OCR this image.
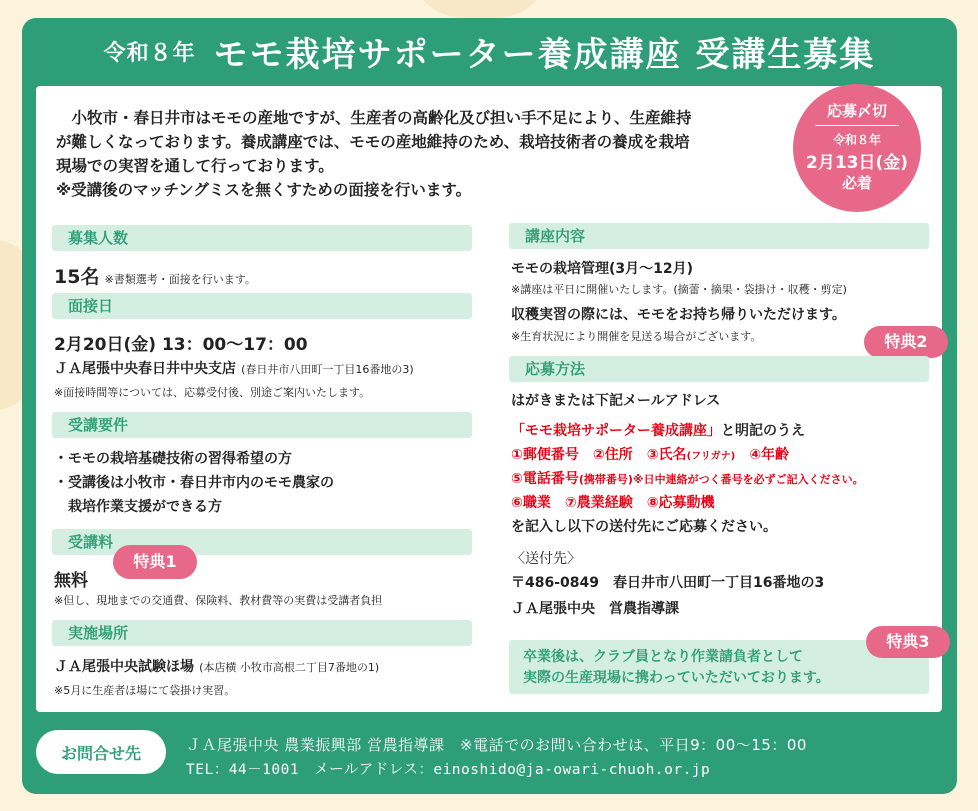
令和８年 モモ栽培サポーター養成講座 受講生募集

　小牧市・春日井市はモモの産地ですが、生産者の高齢化及び担い手不足により、生産維持

が難しくなっております。養成講座では、モモの産地維持のため、栽培技術者の養成を栽培

現場での実習を通して行っております。

※受講後のマッチングミスを無くすための面接を行います。

応募〆切
令和８年
2月13日(金)
必着
募集人数
15名 ※書類選考・面接を行います。
面接日
2月20日(金) 13：00～17：00
ＪＡ尾張中央春日井中央支店 (春日井市八田町一丁目16番地の3)
※面接時間等については、応募受付後、別途ご案内いたします。
受講要件
・モモの栽培基礎技術の習得希望の方
・受講後は小牧市・春日井市内のモモ農家の
　栽培作業支援ができる方
受講料
特典1
無料
※但し、現地までの交通費、保険料、教材費等の実費は受講者負担
実施場所
ＪＡ尾張中央試験ほ場 (本店横 小牧市高根二丁目7番地の1)
※5月に生産者ほ場にて袋掛け実習。
講座内容
モモの栽培管理(3月～12月)
※講座は平日に開催いたします。(摘蕾・摘果・袋掛け・収穫・剪定)
収穫実習の際には、モモをお持ち帰りいただけます。
※生育状況により開催を見送る場合がございます。	特典2
応募方法
はがきまたは下記メールアドレス
「モモ栽培サポーター養成講座」と明記のうえ
①郵便番号　②住所　③氏名(フリガナ)　④年齢
⑤電話番号(携帯番号)※日中連絡がつく番号を必ずご記入ください。
⑥職業　⑦農業経験　⑧応募動機
を記入し以下の送付先にご応募ください。
〈送付先〉
〒486-0849　春日井市八田町一丁目16番地の3
ＪＡ尾張中央　営農指導課
卒業後は、クラブ員となり作業請負者として
実際の生産現場に携わっていただいております。
特典3
お問合せ先	ＪＡ尾張中央 農業振興部 営農指導課　※電話でのお問い合わせは、平日9：00～15：00
TEL：44－1001　メールアドレス：einoshido@ja-owari-chuoh.or.jp
